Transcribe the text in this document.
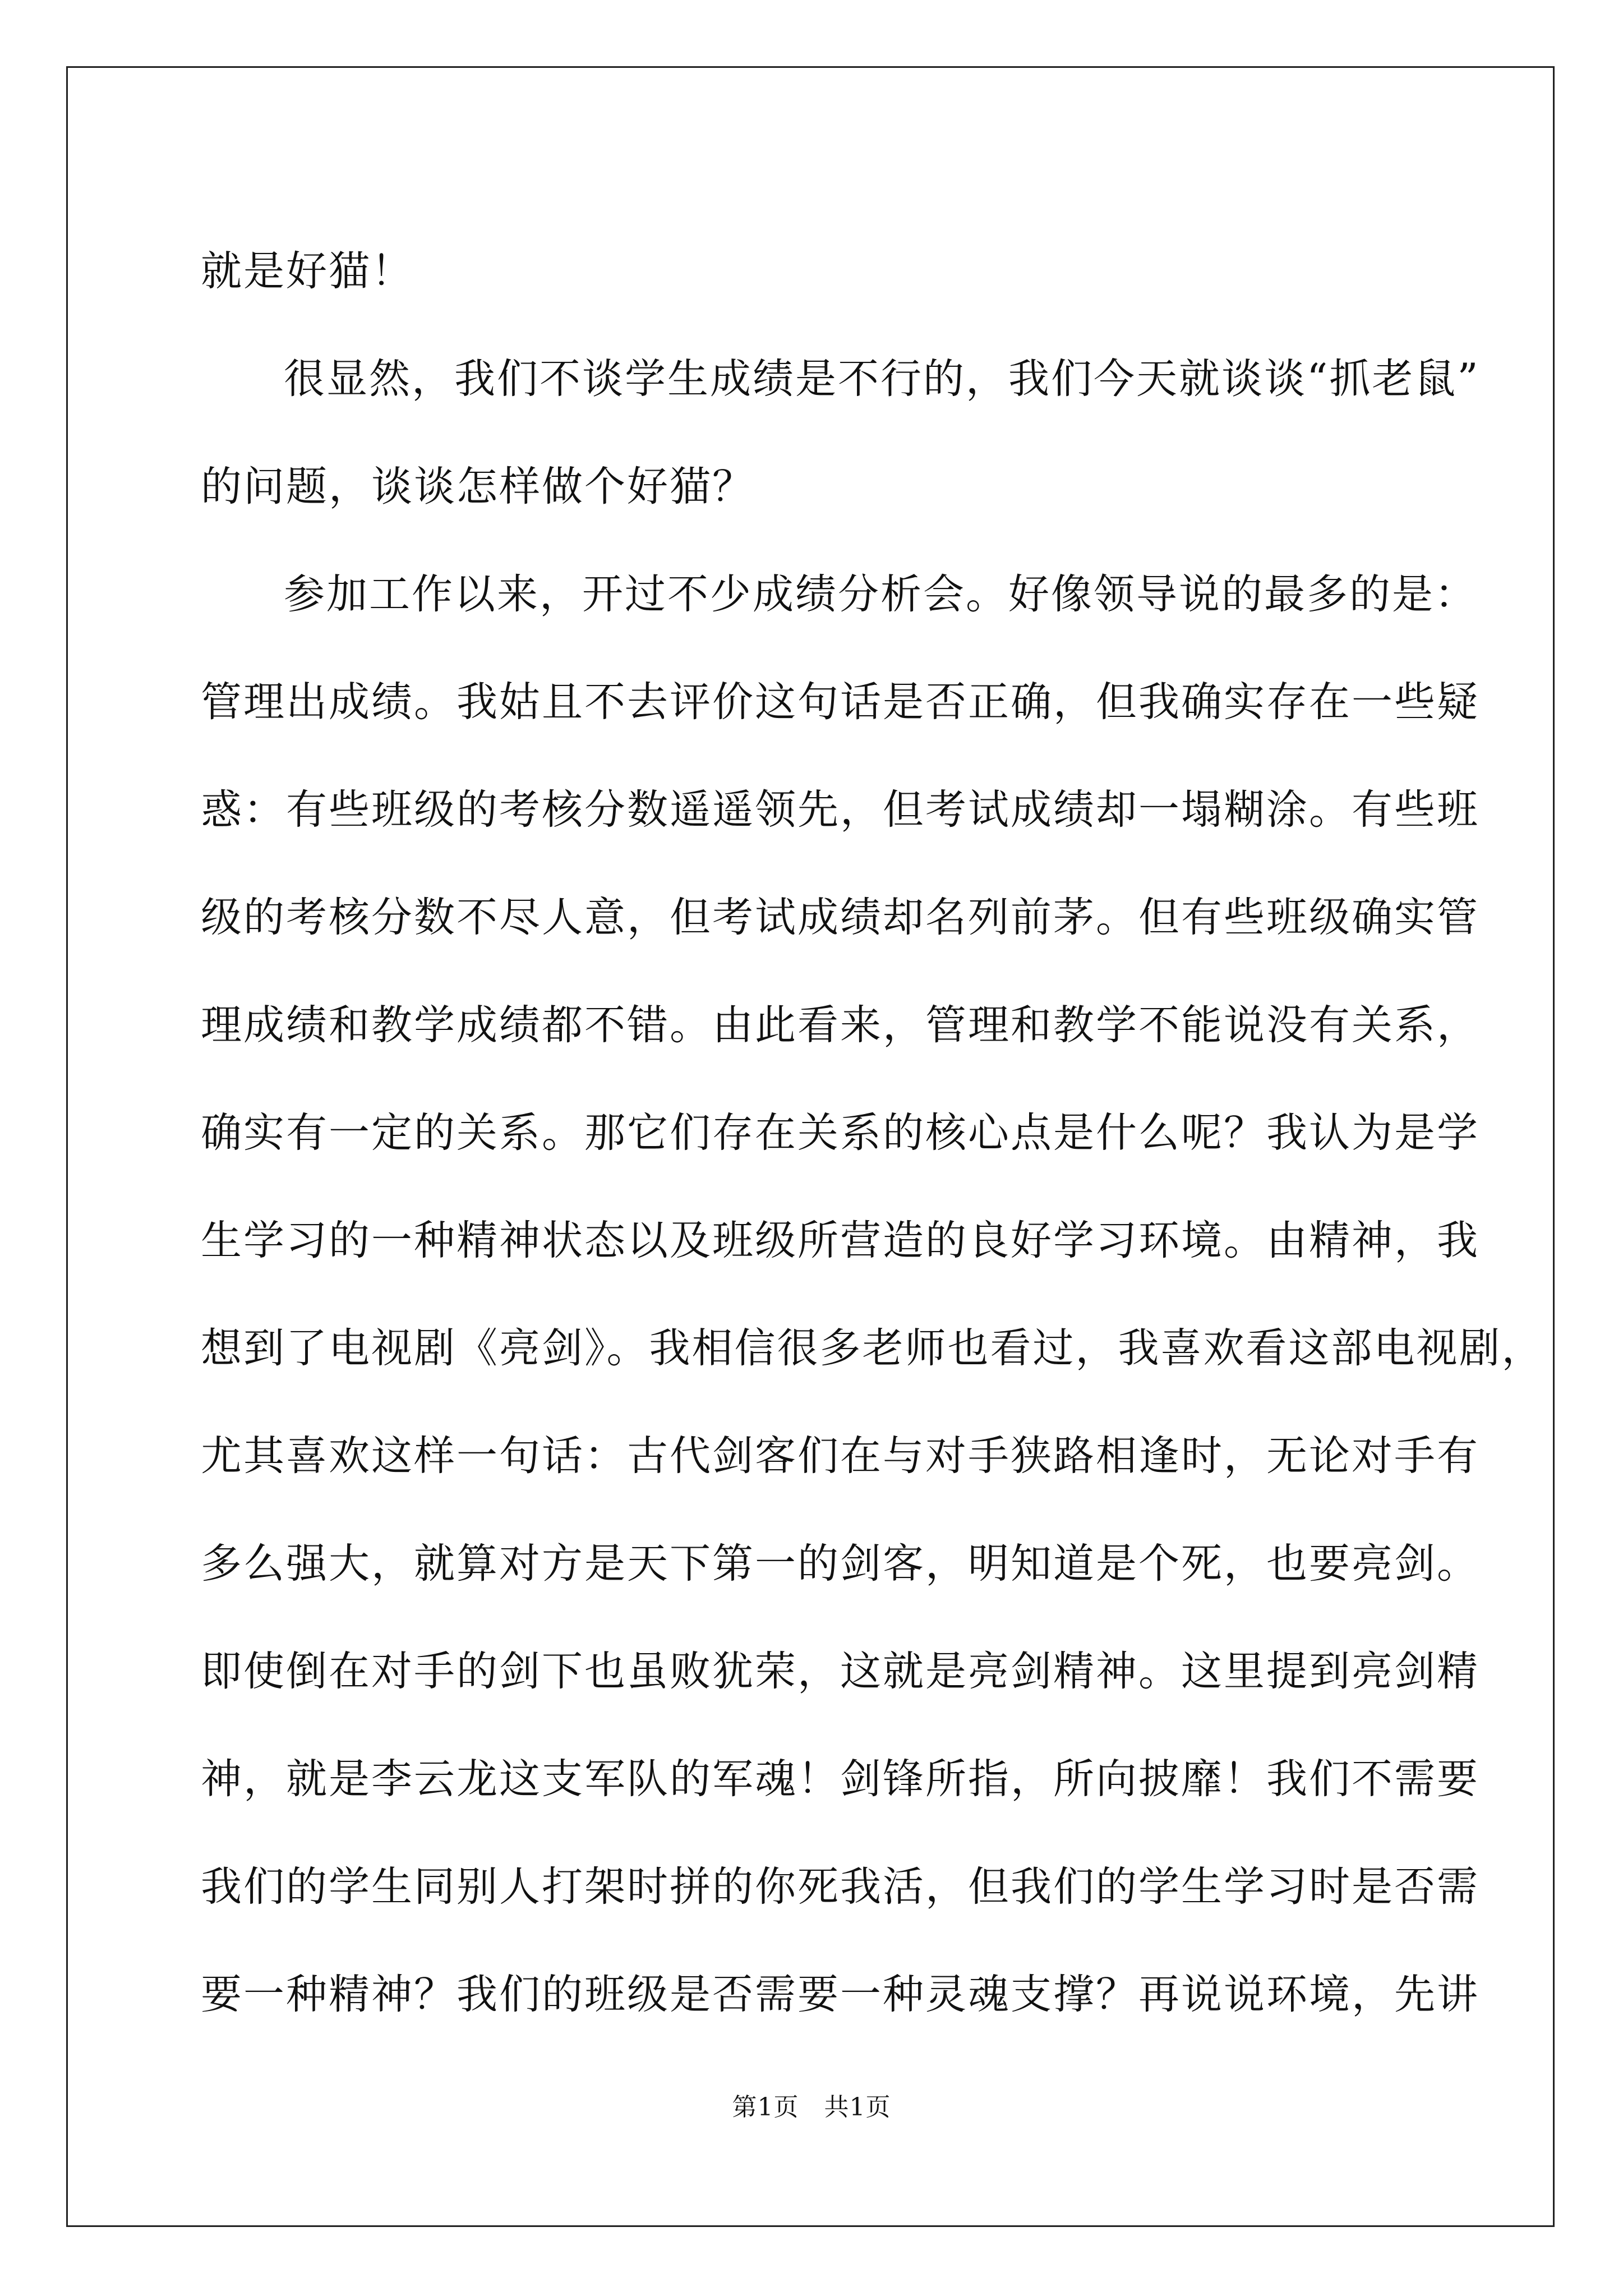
就是好猫！
很显然，我们不谈学生成绩是不行的，我们今天就谈谈“抓老鼠”
的问题，谈谈怎样做个好猫？
参加工作以来，开过不少成绩分析会。好像领导说的最多的是：
管理出成绩。我姑且不去评价这句话是否正确，但我确实存在一些疑
惑：有些班级的考核分数遥遥领先，但考试成绩却一塌糊涂。有些班
级的考核分数不尽人意，但考试成绩却名列前茅。但有些班级确实管
理成绩和教学成绩都不错。由此看来，管理和教学不能说没有关系，
确实有一定的关系。那它们存在关系的核心点是什么呢？我认为是学
生学习的一种精神状态以及班级所营造的良好学习环境。由精神，我
想到了电视剧《亮剑》。我相信很多老师也看过，我喜欢看这部电视剧，
尤其喜欢这样一句话：古代剑客们在与对手狭路相逢时，无论对手有
多么强大，就算对方是天下第一的剑客，明知道是个死，也要亮剑。
即使倒在对手的剑下也虽败犹荣，这就是亮剑精神。这里提到亮剑精
神，就是李云龙这支军队的军魂！剑锋所指，所向披靡！我们不需要
我们的学生同别人打架时拼的你死我活，但我们的学生学习时是否需
要一种精神？我们的班级是否需要一种灵魂支撑？再说说环境，先讲
第1页　共1页
